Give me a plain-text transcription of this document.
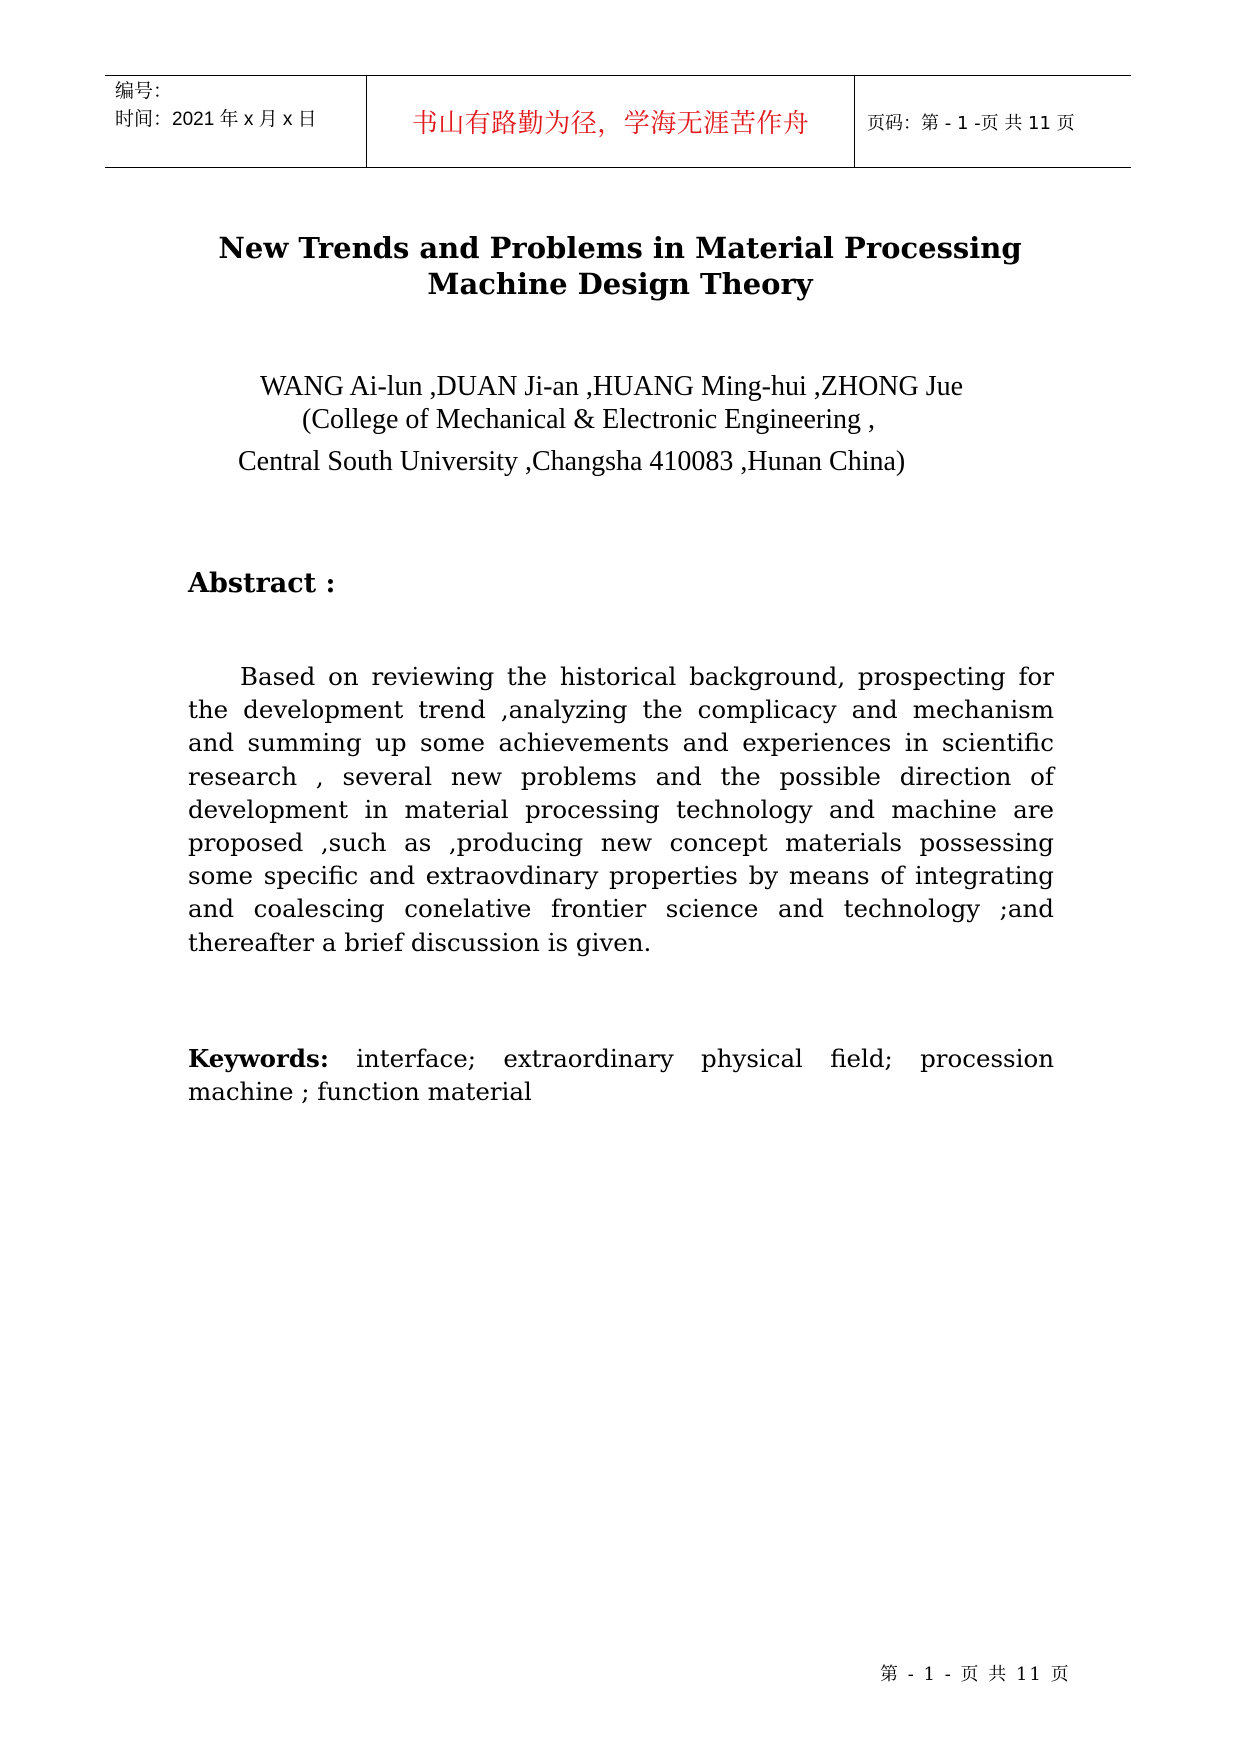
编号：
时间：2021 年 x 月 x 日	书山有路勤为径，学海无涯苦作舟	页码：第 - 1 -页 共 11 页
New Trends and Problems in Material Processing
Machine Design Theory
WANG Ai-lun ,DUAN Ji-an ,HUANG Ming-hui ,ZHONG Jue
(College of Mechanical & Electronic Engineering ,
Central South University ,Changsha 410083 ,Hunan China)
Abstract :
Based on reviewing the historical background, prospecting for the development trend ,analyzing the complicacy and mechanism and summing up some achievements and experiences in scientific research , several new problems and the possible direction of development in material processing technology and machine are proposed ,such as ,producing new concept materials possessing some specific and extraovdinary properties by means of integrating and coalescing conelative frontier science and technology ;and thereafter a brief discussion is given.
Keywords: interface; extraordinary physical field; procession machine ; function material
第 - 1 - 页 共 11 页
